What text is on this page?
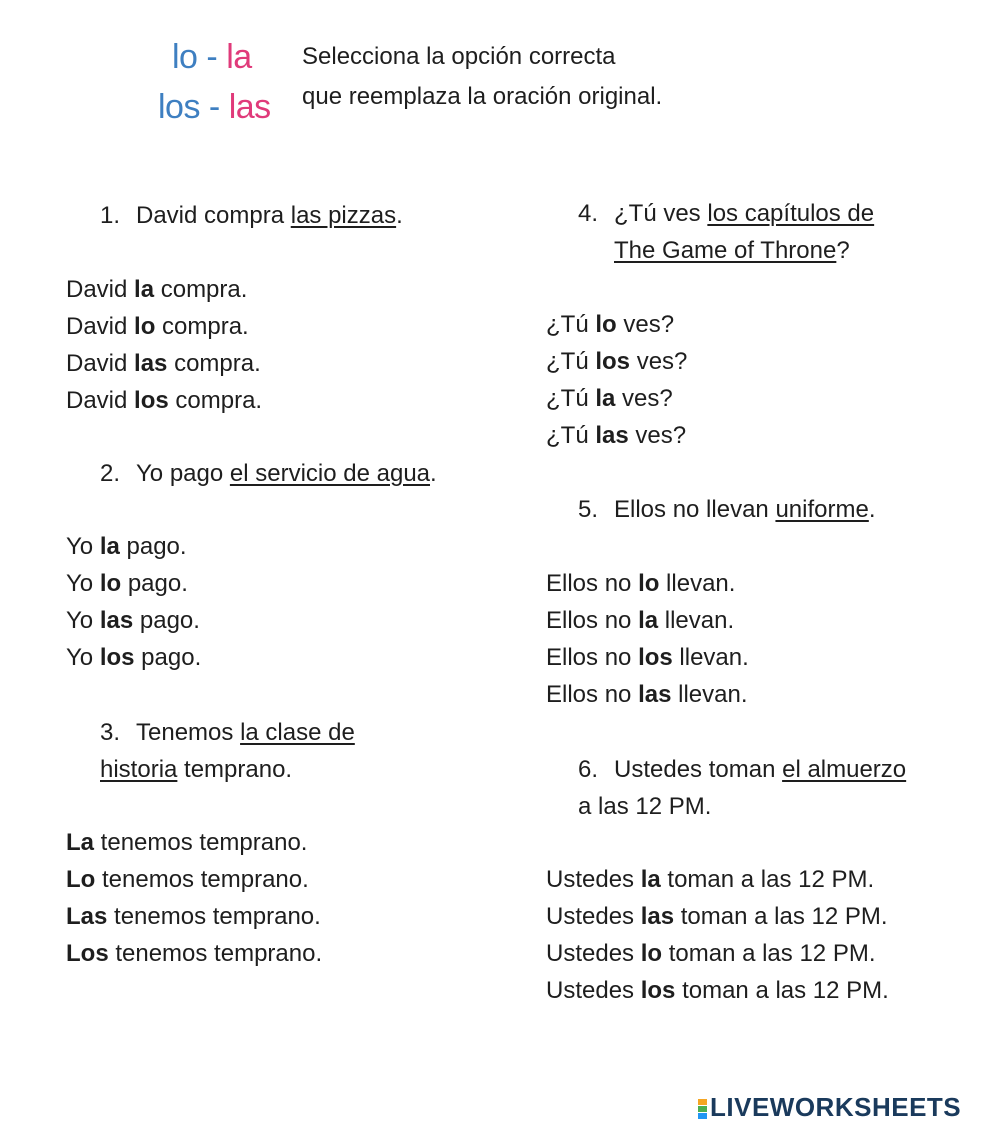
lo - la
los - las
Selecciona la opción correcta
que reemplaza la oración original.
1. David compra las pizzas.
David la compra.
David lo compra.
David las compra.
David los compra.
2. Yo pago el servicio de agua.
Yo la pago.
Yo lo pago.
Yo las pago.
Yo los pago.
3. Tenemos la clase de
historia temprano.
La tenemos temprano.
Lo tenemos temprano.
Las tenemos temprano.
Los tenemos temprano.
4. ¿Tú ves los capítulos de
The Game of Throne?
¿Tú lo ves?
¿Tú los ves?
¿Tú la ves?
¿Tú las ves?
5. Ellos no llevan uniforme.
Ellos no lo llevan.
Ellos no la llevan.
Ellos no los llevan.
Ellos no las llevan.
6. Ustedes toman el almuerzo
a las 12 PM.
Ustedes la toman a las 12 PM.
Ustedes las toman a las 12 PM.
Ustedes lo toman a las 12 PM.
Ustedes los toman a las 12 PM.
LIVEWORKSHEETS
